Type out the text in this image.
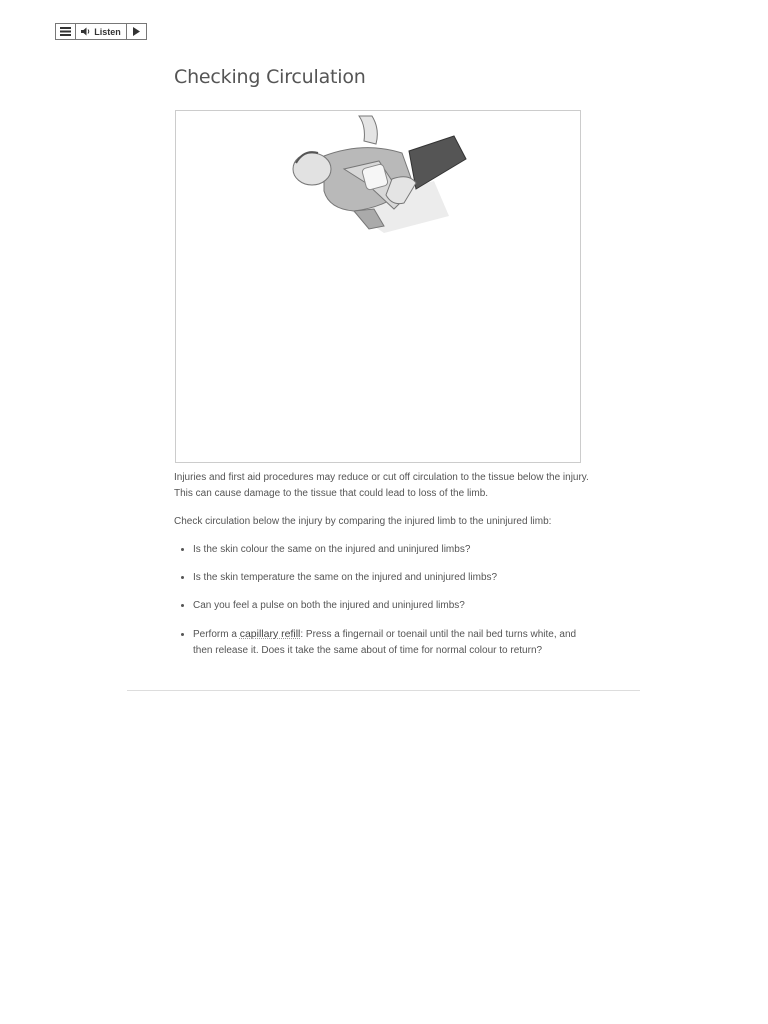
Listen
Checking Circulation

Injuries and first aid procedures may reduce or cut off circulation to the tissue below the injury. This can cause damage to the tissue that could lead to loss of the limb.

Check circulation below the injury by comparing the injured limb to the uninjured limb:

• Is the skin colour the same on the injured and uninjured limbs?
• Is the skin temperature the same on the injured and uninjured limbs?
• Can you feel a pulse on both the injured and uninjured limbs?
• Perform a capillary refill: Press a fingernail or toenail until the nail bed turns white, and then release it. Does it take the same about of time for normal colour to return?
